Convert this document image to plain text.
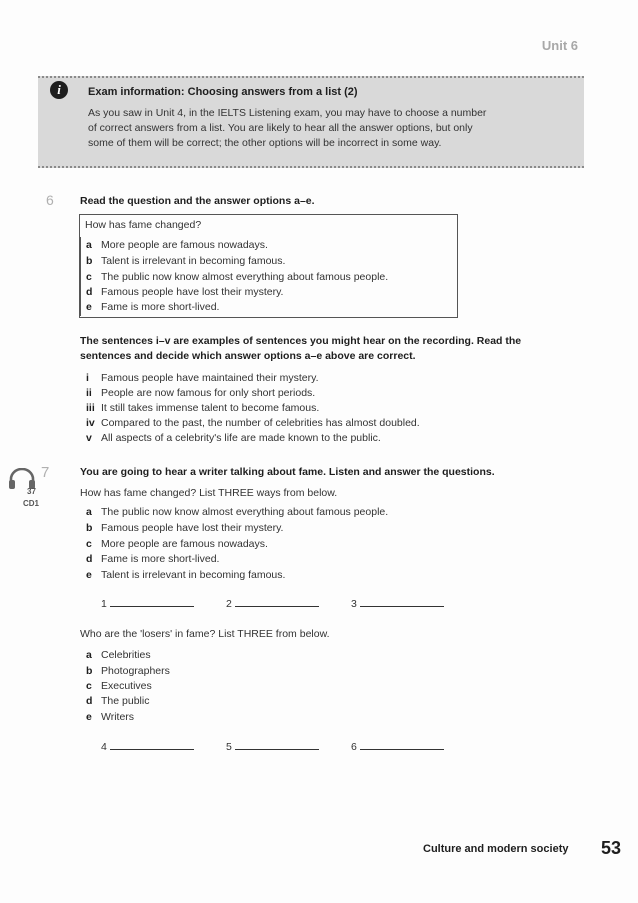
Unit 6
i	Exam information: Choosing answers from a list (2)
As you saw in Unit 4, in the IELTS Listening exam, you may have to choose a number
of correct answers from a list. You are likely to hear all the answer options, but only
some of them will be correct; the other options will be incorrect in some way.
6 Read the question and the answer options a–e.
How has fame changed?
a More people are famous nowadays.
b Talent is irrelevant in becoming famous.
c The public now know almost everything about famous people.
d Famous people have lost their mystery.
e Fame is more short-lived.
The sentences i–v are examples of sentences you might hear on the recording. Read the
sentences and decide which answer options a–e above are correct.
i Famous people have maintained their mystery.
ii People are now famous for only short periods.
iii It still takes immense talent to become famous.
iv Compared to the past, the number of celebrities has almost doubled.
v All aspects of a celebrity's life are made known to the public.
7
37
CD1
You are going to hear a writer talking about fame. Listen and answer the questions.
How has fame changed? List THREE ways from below.
a The public now know almost everything about famous people.
b Famous people have lost their mystery.
c More people are famous nowadays.
d Fame is more short-lived.
e Talent is irrelevant in becoming famous.
1	2	3
Who are the 'losers' in fame? List THREE from below.
a Celebrities
b Photographers
c Executives
d The public
e Writers
4	5	6
Culture and modern society 53
